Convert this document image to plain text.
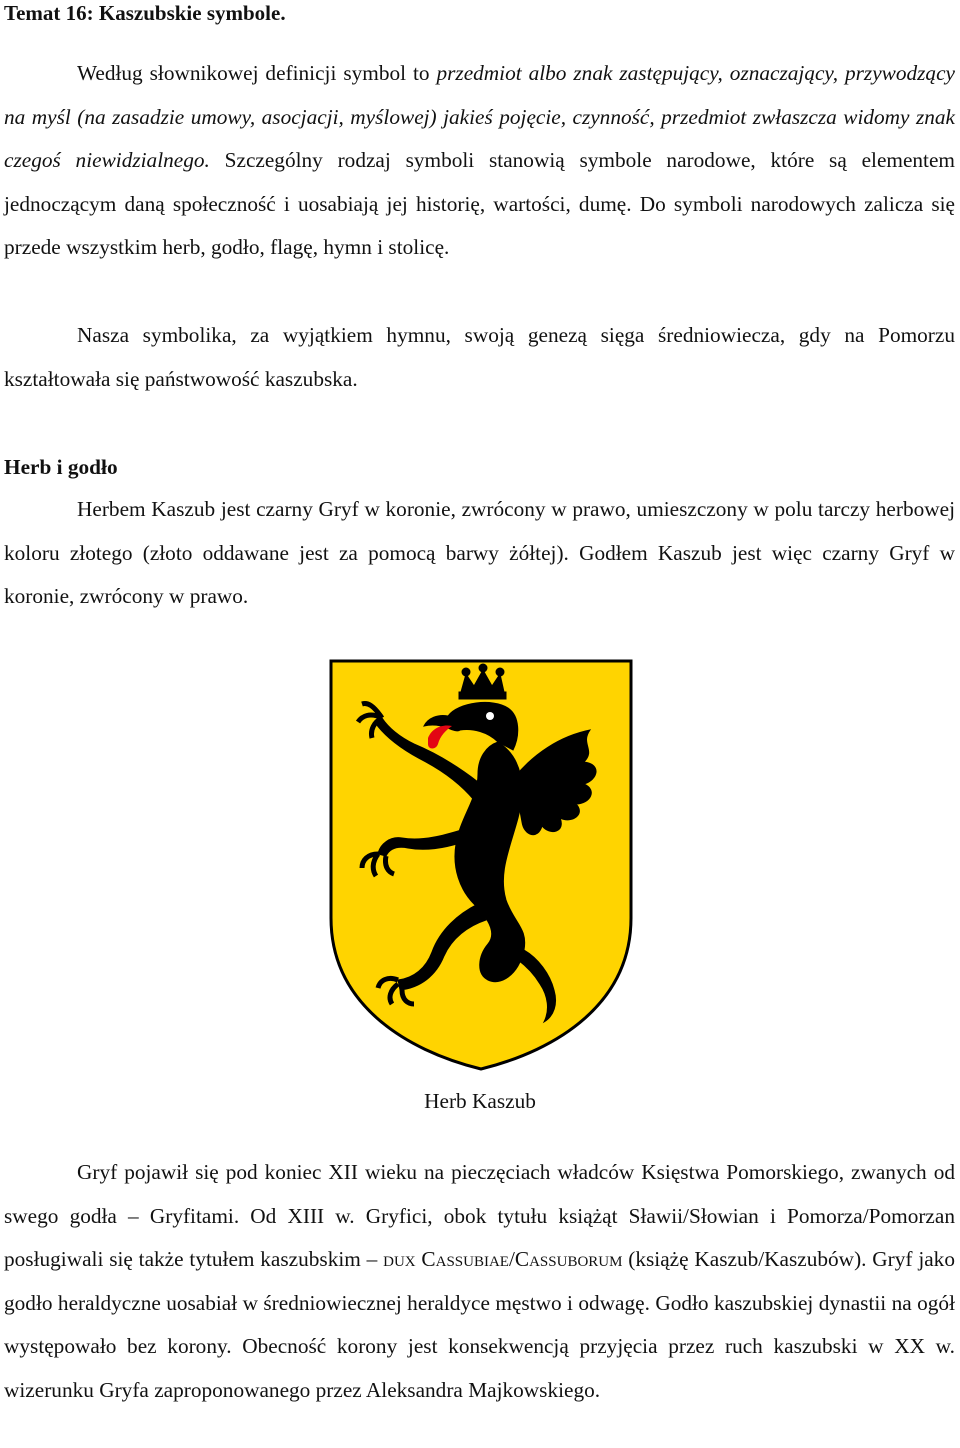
Temat 16: Kaszubskie symbole.

Według słownikowej definicji symbol to przedmiot albo znak zastępujący, oznaczający, przywodzący na myśl (na zasadzie umowy, asocjacji, myślowej) jakieś pojęcie, czynność, przedmiot zwłaszcza widomy znak czegoś niewidzialnego. Szczególny rodzaj symboli stanowią symbole narodowe, które są elementem jednoczącym daną społeczność i uosabiają jej historię, wartości, dumę. Do symboli narodowych zalicza się przede wszystkim herb, godło, flagę, hymn i stolicę.

Nasza symbolika, za wyjątkiem hymnu, swoją genezą sięga średniowiecza, gdy na Pomorzu kształtowała się państwowość kaszubska.

Herb i godło

Herbem Kaszub jest czarny Gryf w koronie, zwrócony w prawo, umieszczony w polu tarczy herbowej koloru złotego (złoto oddawane jest za pomocą barwy żółtej). Godłem Kaszub jest więc czarny Gryf w koronie, zwrócony w prawo.

Herb Kaszub

Gryf pojawił się pod koniec XII wieku na pieczęciach władców Księstwa Pomorskiego, zwanych od swego godła – Gryfitami. Od XIII w. Gryfici, obok tytułu książąt Sławii/Słowian i Pomorza/Pomorzan posługiwali się także tytułem kaszubskim – dux Cassubiae/Cassuborum (książę Kaszub/Kaszubów). Gryf jako godło heraldyczne uosabiał w średniowiecznej heraldyce męstwo i odwagę. Godło kaszubskiej dynastii na ogół występowało bez korony. Obecność korony jest konsekwencją przyjęcia przez ruch kaszubski w XX w. wizerunku Gryfa zaproponowanego przez Aleksandra Majkowskiego.
